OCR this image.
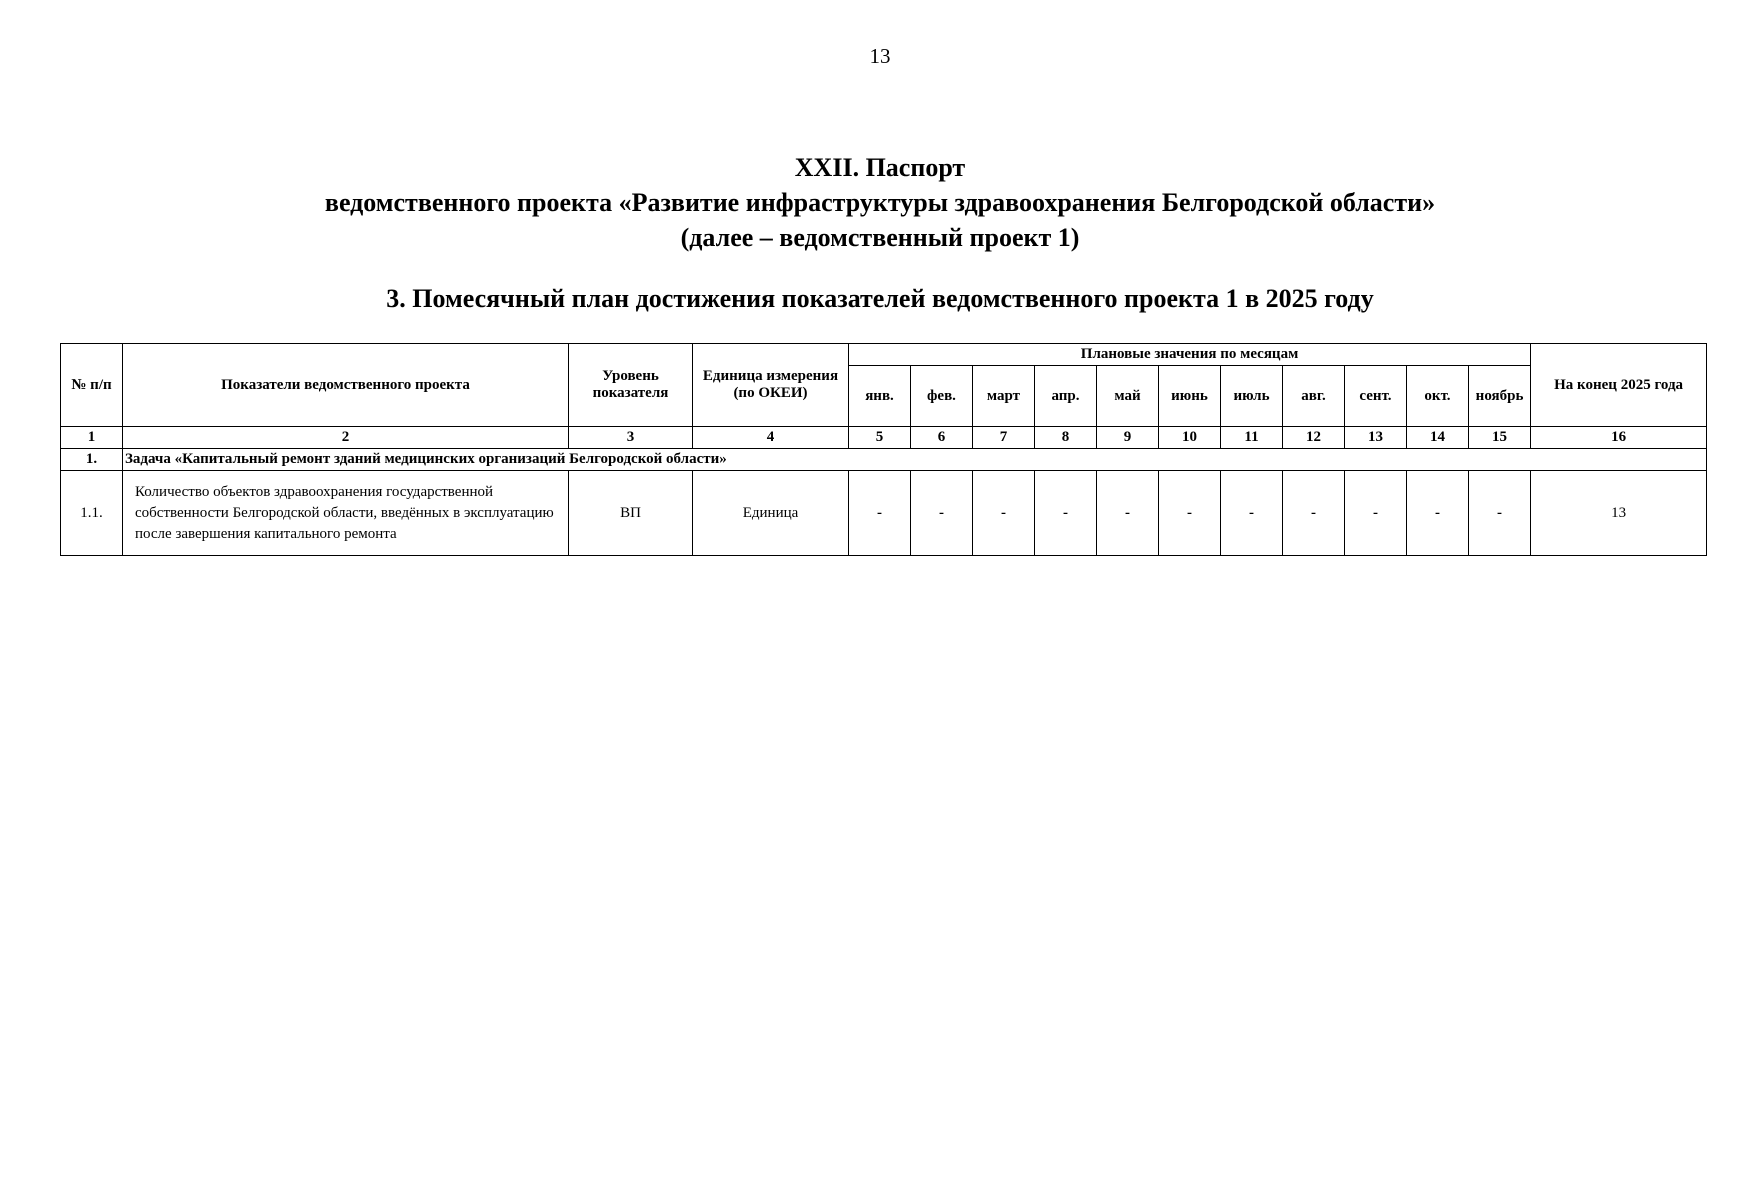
13
XXII. Паспорт
ведомственного проекта «Развитие инфраструктуры здравоохранения Белгородской области»
(далее – ведомственный проект 1)
3. Помесячный план достижения показателей ведомственного проекта 1 в 2025 году
№ п/п	Показатели ведомственного проекта	Уровень показателя	Единица измерения (по ОКЕИ)	Плановые значения по месяцам											На конец 2025 года
				янв.	фев.	март	апр.	май	июнь	июль	авг.	сент.	окт.	ноябрь	
1	2	3	4	5	6	7	8	9	10	11	12	13	14	15	16
1.	Задача «Капитальный ремонт зданий медицинских организаций Белгородской области»														
1.1.	Количество объектов здравоохранения государственной собственности Белгородской области, введённых в эксплуатацию после завершения капитального ремонта	ВП	Единица	-	-	-	-	-	-	-	-	-	-	-	13
